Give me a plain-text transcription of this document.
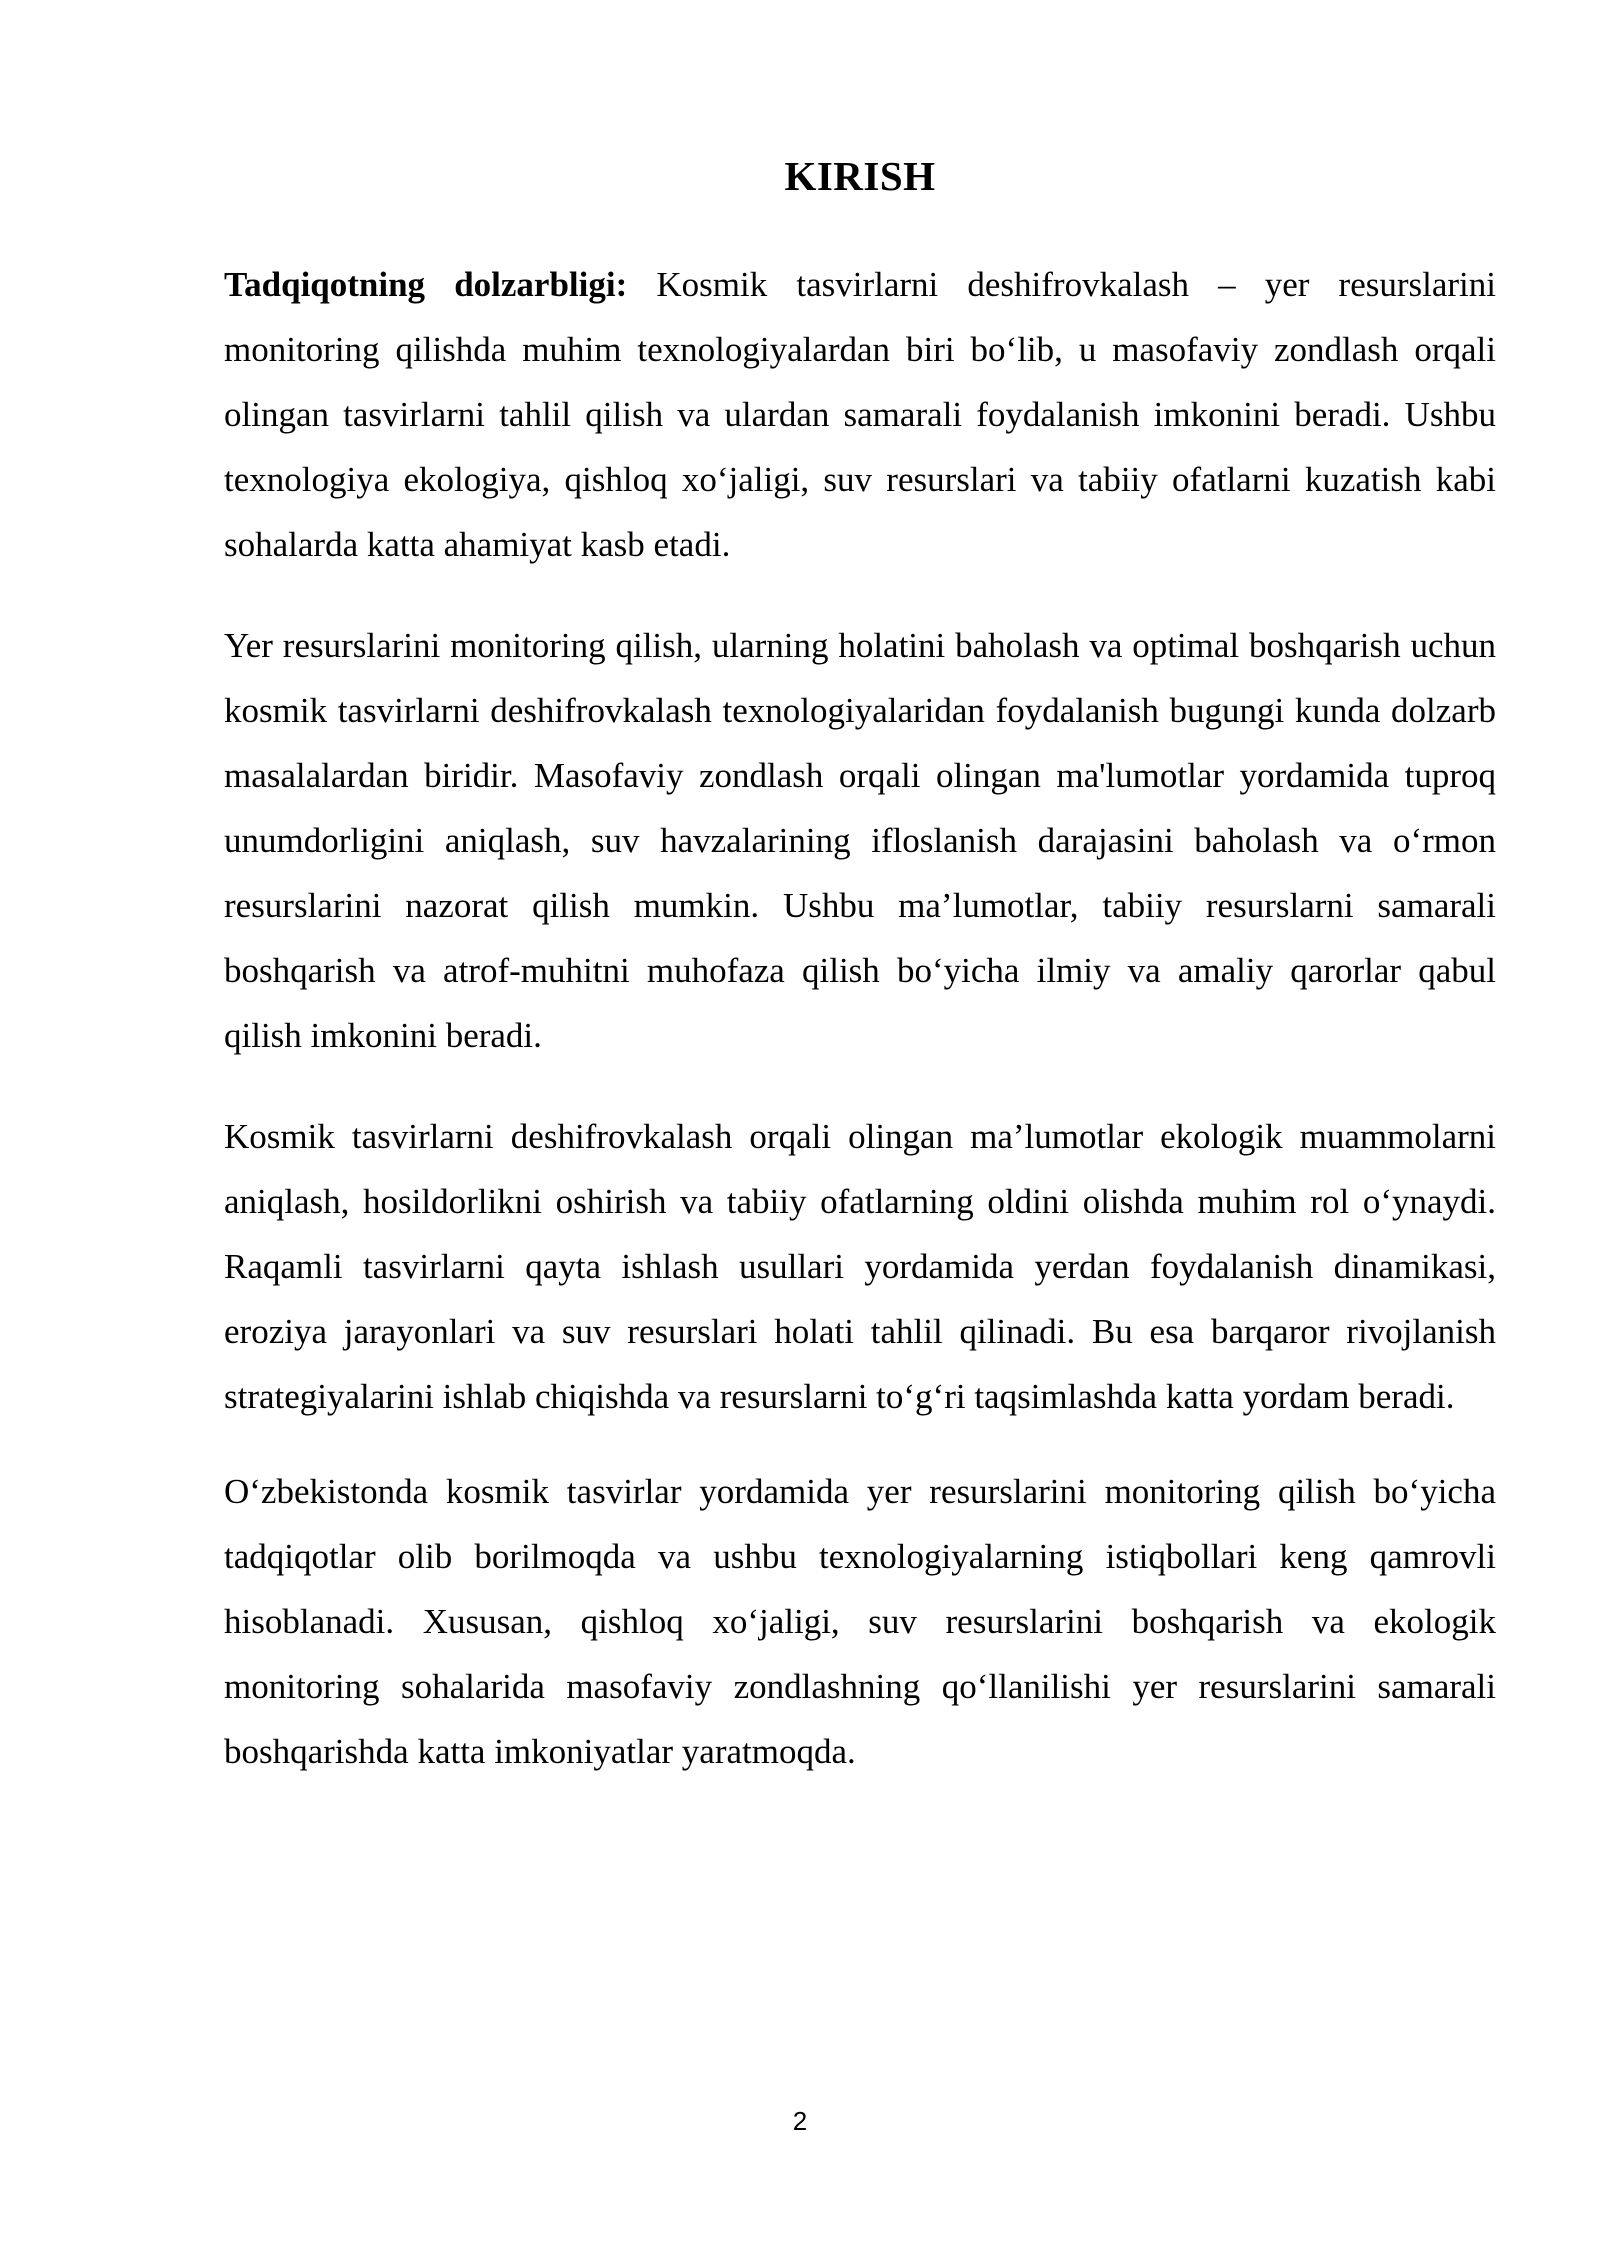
KIRISH

Tadqiqotning dolzarbligi: Kosmik tasvirlarni deshifrovkalash – yer resurslarini monitoring qilishda muhim texnologiyalardan biri bo‘lib, u masofaviy zondlash orqali olingan tasvirlarni tahlil qilish va ulardan samarali foydalanish imkonini beradi. Ushbu texnologiya ekologiya, qishloq xo‘jaligi, suv resurslari va tabiiy ofatlarni kuzatish kabi sohalarda katta ahamiyat kasb etadi.

Yer resurslarini monitoring qilish, ularning holatini baholash va optimal boshqarish uchun kosmik tasvirlarni deshifrovkalash texnologiyalaridan foydalanish bugungi kunda dolzarb masalalardan biridir. Masofaviy zondlash orqali olingan ma'lumotlar yordamida tuproq unumdorligini aniqlash, suv havzalarining ifloslanish darajasini baholash va o‘rmon resurslarini nazorat qilish mumkin. Ushbu ma’lumotlar, tabiiy resurslarni samarali boshqarish va atrof-muhitni muhofaza qilish bo‘yicha ilmiy va amaliy qarorlar qabul qilish imkonini beradi.

Kosmik tasvirlarni deshifrovkalash orqali olingan ma’lumotlar ekologik muammolarni aniqlash, hosildorlikni oshirish va tabiiy ofatlarning oldini olishda muhim rol o‘ynaydi. Raqamli tasvirlarni qayta ishlash usullari yordamida yerdan foydalanish dinamikasi, eroziya jarayonlari va suv resurslari holati tahlil qilinadi. Bu esa barqaror rivojlanish strategiyalarini ishlab chiqishda va resurslarni to‘g‘ri taqsimlashda katta yordam beradi.

O‘zbekistonda kosmik tasvirlar yordamida yer resurslarini monitoring qilish bo‘yicha tadqiqotlar olib borilmoqda va ushbu texnologiyalarning istiqbollari keng qamrovli hisoblanadi. Xususan, qishloq xo‘jaligi, suv resurslarini boshqarish va ekologik monitoring sohalarida masofaviy zondlashning qo‘llanilishi yer resurslarini samarali boshqarishda katta imkoniyatlar yaratmoqda.

2
